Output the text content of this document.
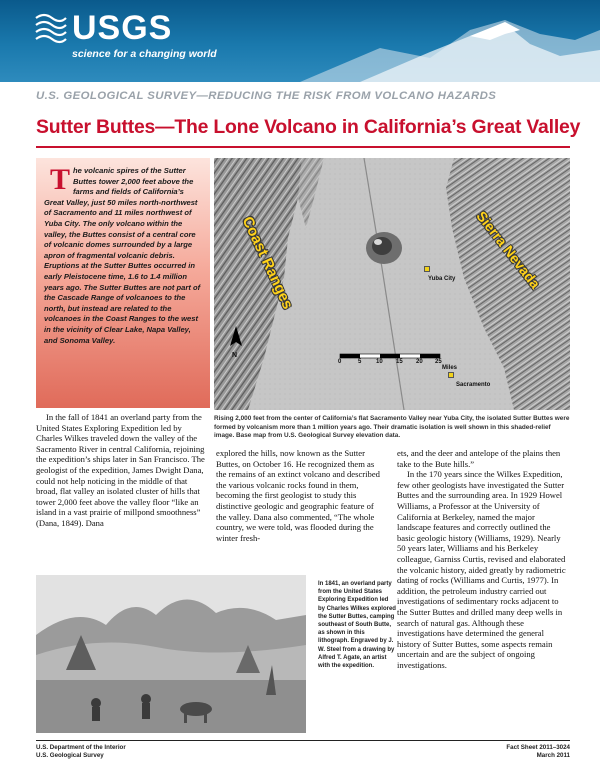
USGS
science for a changing world
U.S. GEOLOGICAL SURVEY—REDUCING THE RISK FROM VOLCANO HAZARDS
Sutter Buttes—The Lone Volcano in California’s Great Valley
The volcanic spires of the Sutter Buttes tower 2,000 feet above the farms and fields of California’s Great Valley, just 50 miles north-northwest of Sacramento and 11 miles northwest of Yuba City. The only volcano within the valley, the Buttes consist of a central core of volcanic domes surrounded by a large apron of fragmental volcanic debris. Eruptions at the Sutter Buttes occurred in early Pleistocene time, 1.6 to 1.4 million years ago. The Sutter Buttes are not part of the Cascade Range of volcanoes to the north, but instead are related to the volcanoes in the Coast Ranges to the west in the vicinity of Clear Lake, Napa Valley, and Sonoma Valley.
Coast Ranges	Sierra Nevada
Yuba City
Sacramento
N
0	5 10 15 20 25
Miles
Rising 2,000 feet from the center of California’s flat Sacramento Valley near Yuba City, the isolated Sutter Buttes were formed by volcanism more than 1 million years ago. Their dramatic isolation is well shown in this shaded-relief image. Base map from U.S. Geological Survey elevation data.

In the fall of 1841 an overland party from the United States Exploring Expedition led by Charles Wilkes traveled down the valley of the Sacramento River in central California, rejoining the expedition’s ships later in San Francisco. The geologist of the expedition, James Dwight Dana, could not help noticing in the middle of that broad, flat valley an isolated cluster of hills that tower 2,000 feet above the valley floor “like an island in a vast prairie of millpond smoothness” (Dana, 1849). Dana

explored the hills, now known as the Sutter Buttes, on October 16. He recognized them as the remains of an extinct volcano and described the various volcanic rocks found in them, becoming the first geologist to study this distinctive geologic and geographic feature of the valley. Dana also commented, “The whole country, we were told, was flooded during the winter fresh-

ets, and the deer and antelope of the plains then take to the Bute hills.”

In the 170 years since the Wilkes Expedition, few other geologists have investigated the Sutter Buttes and the surrounding area. In 1929 Howel Williams, a Professor at the University of California at Berkeley, named the major landscape features and correctly outlined the basic geologic history (Williams, 1929). Nearly 50 years later, Williams and his Berkeley colleague, Garniss Curtis, revised and elaborated the volcanic history, aided greatly by radiometric dating of rocks (Williams and Curtis, 1977). In addition, the petroleum industry carried out investigations of sedimentary rocks adjacent to the Sutter Buttes and drilled many deep wells in search of natural gas. Although these investigations have determined the general history of Sutter Buttes, some aspects remain uncertain and are the subject of ongoing investigations.

In 1841, an overland party from the United States Exploring Expedition led by Charles Wilkes explored the Sutter Buttes, camping southeast of South Butte, as shown in this lithograph. Engraved by J. W. Steel from a drawing by Alfred T. Agate, an artist with the expedition.
U.S. Department of the Interior
U.S. Geological Survey
Fact Sheet 2011–3024
March 2011
